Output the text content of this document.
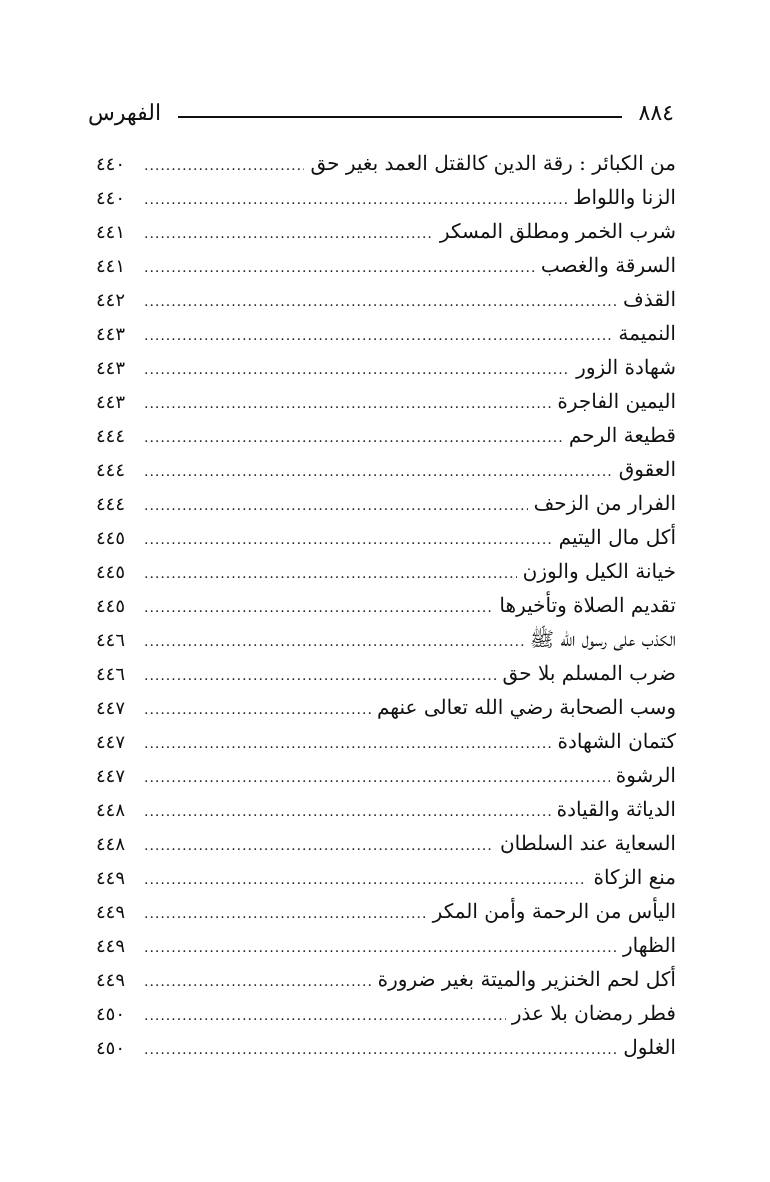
٨٨٤
الفهرس
من الكبائر : رقة الدين كالقتل العمد بغير حق
.....
٤٤٠
الزنا واللواط
.....
٤٤٠
شرب الخمر ومطلق المسكر
.....
٤٤١
السرقة والغصب
.....
٤٤١
القذف
.....
٤٤٢
النميمة
.....
٤٤٣
شهادة الزور
.....
٤٤٣
اليمين الفاجرة
.....
٤٤٣
قطيعة الرحم
.....
٤٤٤
العقوق
.....
٤٤٤
الفرار من الزحف
.....
٤٤٤
أكل مال اليتيم
.....
٤٤٥
خيانة الكيل والوزن
.....
٤٤٥
تقديم الصلاة وتأخيرها
.....
٤٤٥
الكذب على رسول الله ﷺ
.....
٤٤٦
ضرب المسلم بلا حق
.....
٤٤٦
وسب الصحابة رضي الله تعالى عنهم
.....
٤٤٧
كتمان الشهادة
.....
٤٤٧
الرشوة
.....
٤٤٧
الدياثة والقيادة
.....
٤٤٨
السعاية عند السلطان
.....
٤٤٨
منع الزكاة
.....
٤٤٩
اليأس من الرحمة وأمن المكر
.....
٤٤٩
الظهار
.....
٤٤٩
أكل لحم الخنزير والميتة بغير ضرورة
.....
٤٤٩
فطر رمضان بلا عذر
.....
٤٥٠
الغلول
.....
٤٥٠
